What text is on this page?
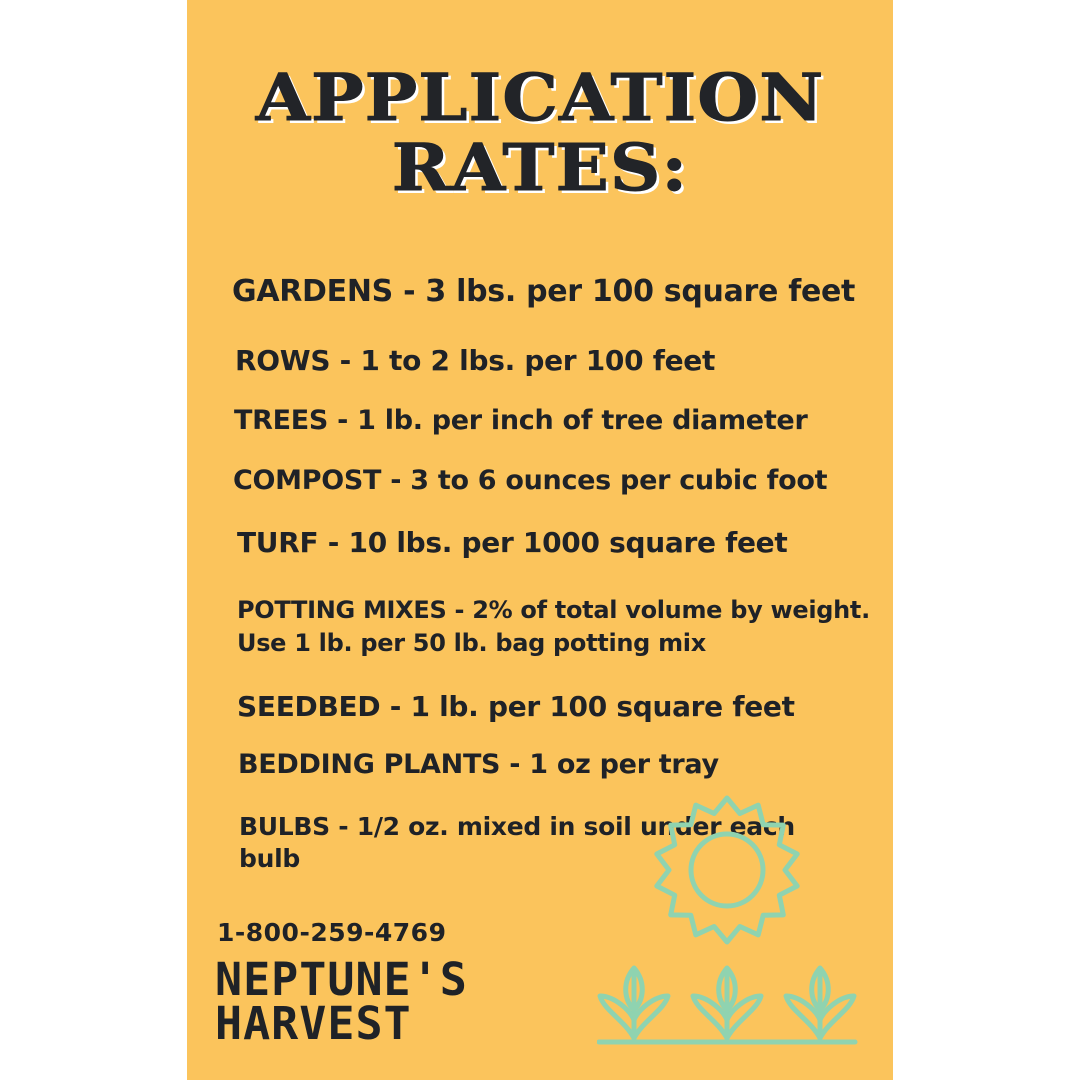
APPLICATION
RATES:
GARDENS - 3 lbs. per 100 square feet
ROWS - 1 to 2 lbs. per 100 feet
TREES - 1 lb. per inch of tree diameter
COMPOST - 3 to 6 ounces per cubic foot
TURF - 10 lbs. per 1000 square feet
POTTING MIXES - 2% of total volume by weight.
Use 1 lb. per 50 lb. bag potting mix
SEEDBED - 1 lb. per 100 square feet
BEDDING PLANTS - 1 oz per tray
BULBS - 1/2 oz. mixed in soil under each
bulb
1-800-259-4769
NEPTUNE'S
HARVEST
